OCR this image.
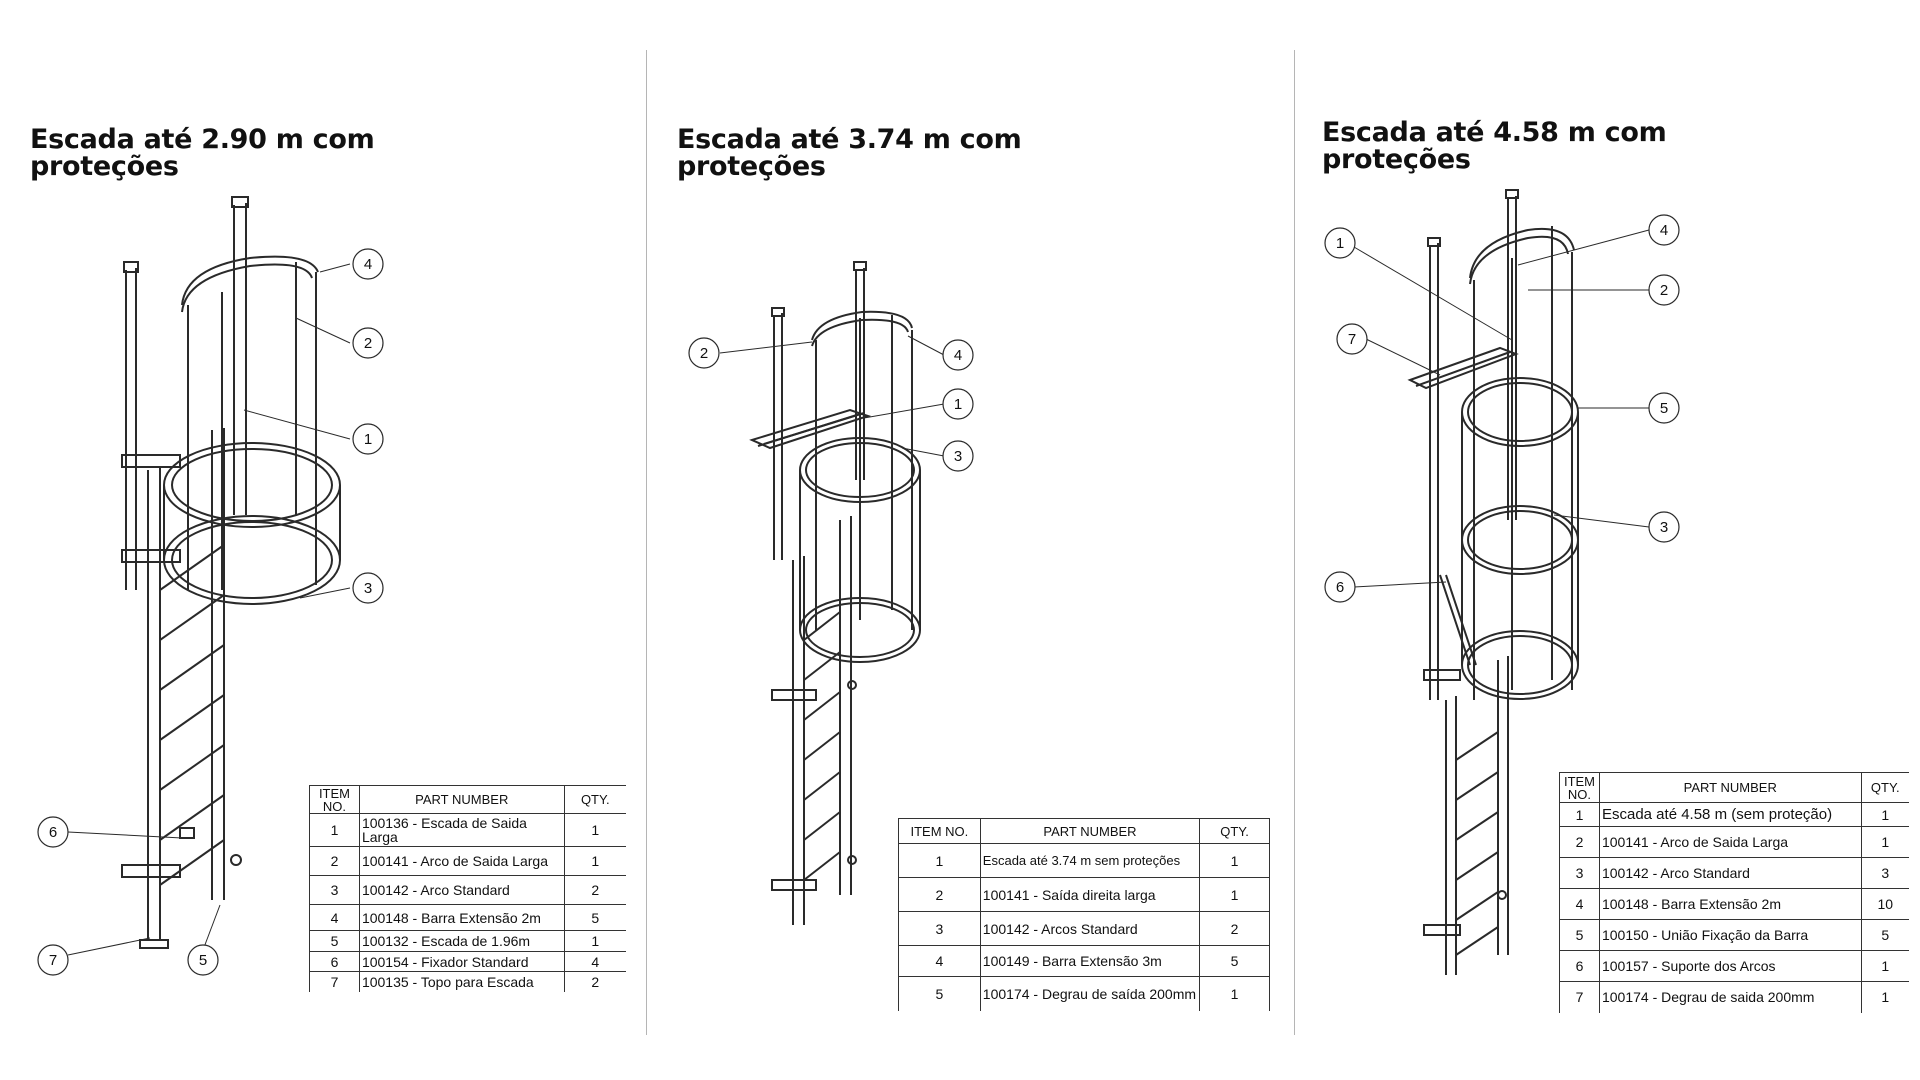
Escada até 2.90 m com
proteções
4
2
1
3
6
7	5
ITEM NO.	PART NUMBER	QTY.
1	100136 - Escada de Saida Larga	1
2	100141 - Arco de Saida Larga	1
3	100142 - Arco Standard	2
4	100148 - Barra Extensão 2m	5
5	100132 - Escada de 1.96m	1
6	100154 - Fixador Standard	4
7	100135 - Topo para Escada	2
Escada até 3.74 m com
proteções
2	4
1
3
ITEM NO.	PART NUMBER	QTY.
1	Escada até 3.74 m sem proteções	1
2	100141 - Saída direita larga	1
3	100142 - Arcos Standard	2
4	100149 - Barra Extensão 3m	5
5	100174 - Degrau de saída 200mm	1
Escada até 4.58 m com
proteções
1
7
6
4
2
5
3
ITEM NO.	PART NUMBER	QTY.
1	Escada até 4.58 m (sem proteção)	1
2	100141 - Arco de Saida Larga	1
3	100142 - Arco Standard	3
4	100148 - Barra Extensão 2m	10
5	100150 - União Fixação da Barra	5
6	100157 - Suporte dos Arcos	1
7	100174 - Degrau de saida 200mm	1
